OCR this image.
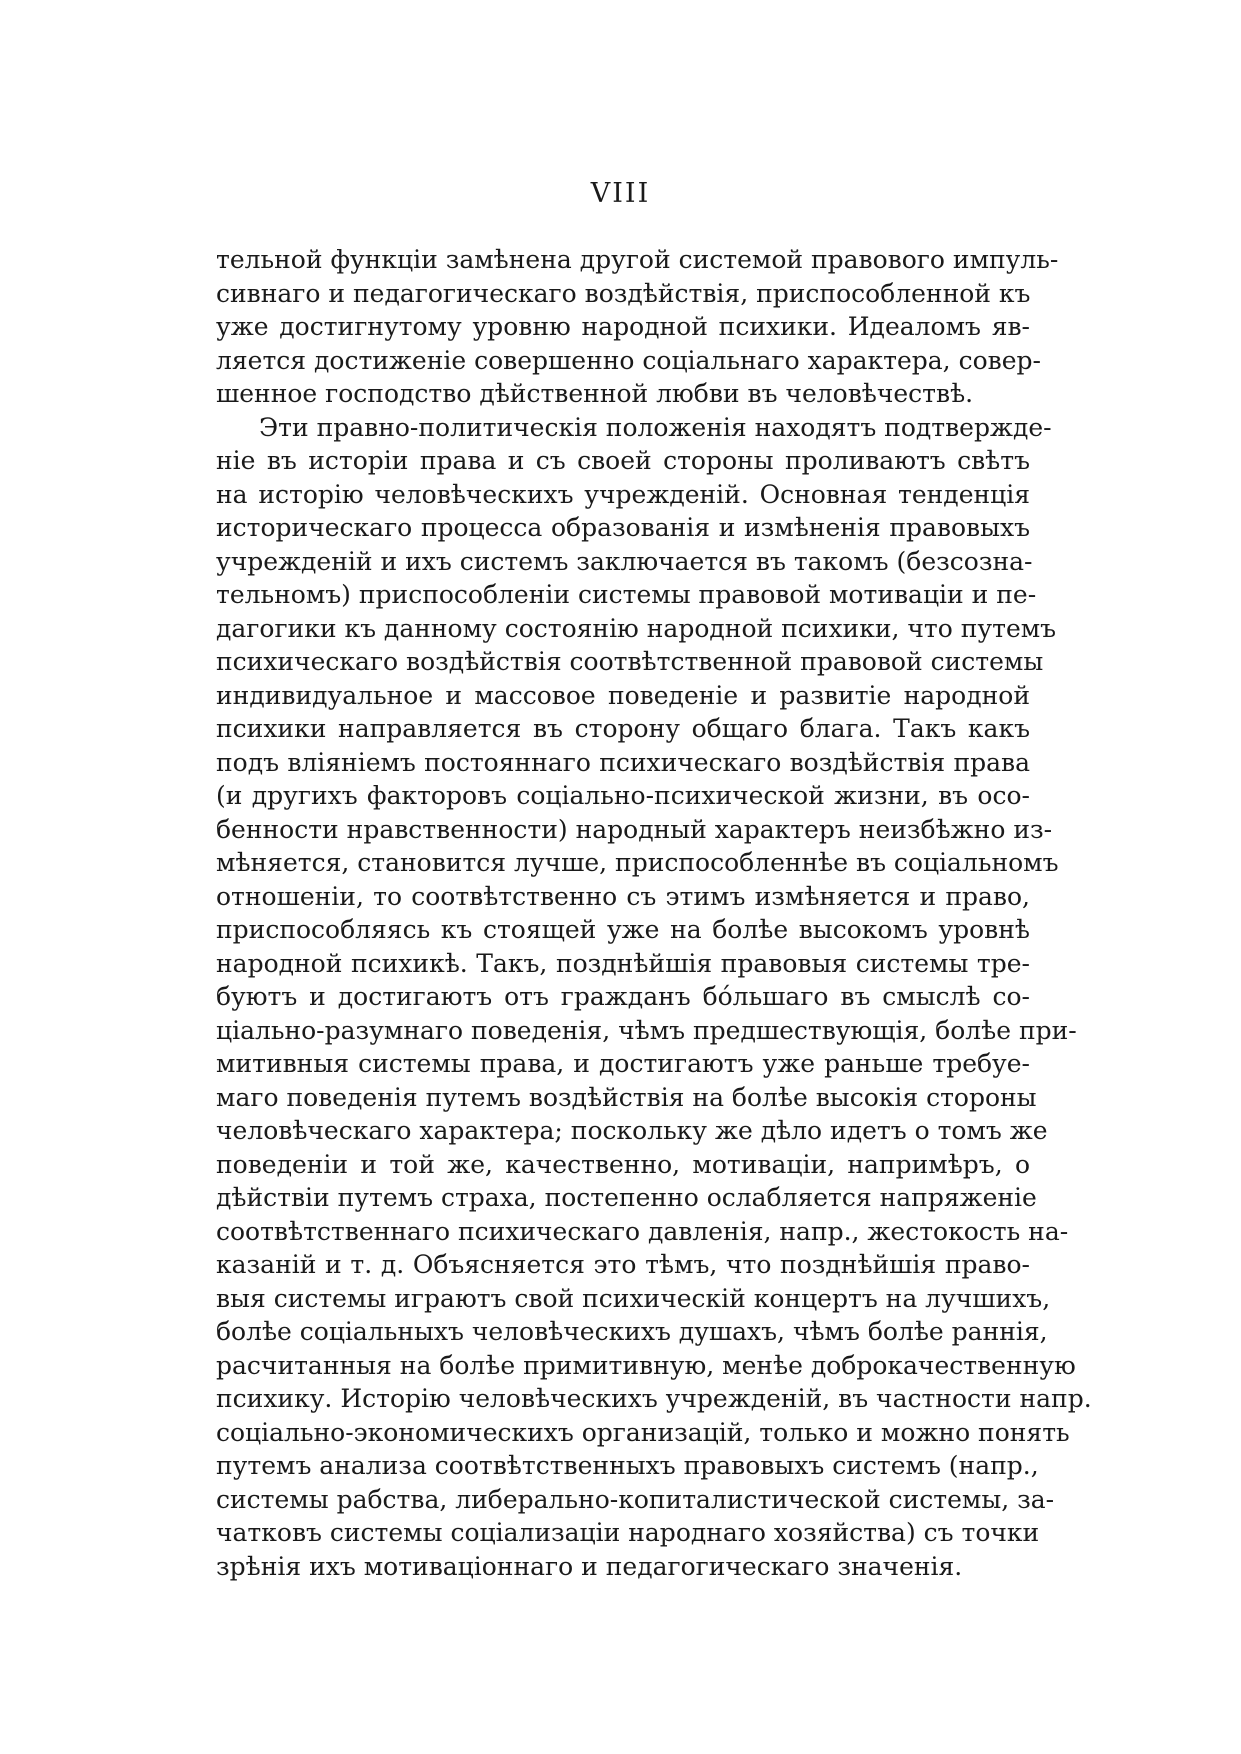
VIII
тельной функціи замѣнена другой системой правового импуль-
сивнаго и педагогическаго воздѣйствія, приспособленной къ
уже достигнутому уровню народной психики. Идеаломъ яв-
ляется достиженіе совершенно соціальнаго характера, совер-
шенное господство дѣйственной любви въ человѣчествѣ.
Эти правно-политическія положенія находятъ подтвержде-
ніе въ исторіи права и съ своей стороны проливаютъ свѣтъ
на исторію человѣческихъ учрежденій. Основная тенденція
историческаго процесса образованія и измѣненія правовыхъ
учрежденій и ихъ системъ заключается въ такомъ (безсозна-
тельномъ) приспособленіи системы правовой мотиваціи и пе-
дагогики къ данному состоянію народной психики, что путемъ
психическаго воздѣйствія соотвѣтственной правовой системы
индивидуальное и массовое поведеніе и развитіе народной
психики направляется въ сторону общаго блага. Такъ какъ
подъ вліяніемъ постояннаго психическаго воздѣйствія права
(и другихъ факторовъ соціально-психической жизни, въ осо-
бенности нравственности) народный характеръ неизбѣжно из-
мѣняется, становится лучше, приспособленнѣе въ соціальномъ
отношеніи, то соотвѣтственно съ этимъ измѣняется и право,
приспособляясь къ стоящей уже на болѣе высокомъ уровнѣ
народной психикѣ. Такъ, позднѣйшія правовыя системы тре-
буютъ и достигаютъ отъ гражданъ бо́льшаго въ смыслѣ со-
ціально-разумнаго поведенія, чѣмъ предшествующія, болѣе при-
митивныя системы права, и достигаютъ уже раньше требуе-
маго поведенія путемъ воздѣйствія на болѣе высокія стороны
человѣческаго характера; поскольку же дѣло идетъ о томъ же
поведеніи и той же, качественно, мотиваціи, напримѣръ, о
дѣйствіи путемъ страха, постепенно ослабляется напряженіе
соотвѣтственнаго психическаго давленія, напр., жестокость на-
казаній и т. д. Объясняется это тѣмъ, что позднѣйшія право-
выя системы играютъ свой психическій концертъ на лучшихъ,
болѣе соціальныхъ человѣческихъ душахъ, чѣмъ болѣе раннія,
расчитанныя на болѣе примитивную, менѣе доброкачественную
психику. Исторію человѣческихъ учрежденій, въ частности напр.
соціально-экономическихъ организацій, только и можно понять
путемъ анализа соотвѣтственныхъ правовыхъ системъ (напр.,
системы рабства, либерально-копиталистической системы, за-
чатковъ системы соціализаціи народнаго хозяйства) съ точки
зрѣнія ихъ мотиваціоннаго и педагогическаго значенія.
